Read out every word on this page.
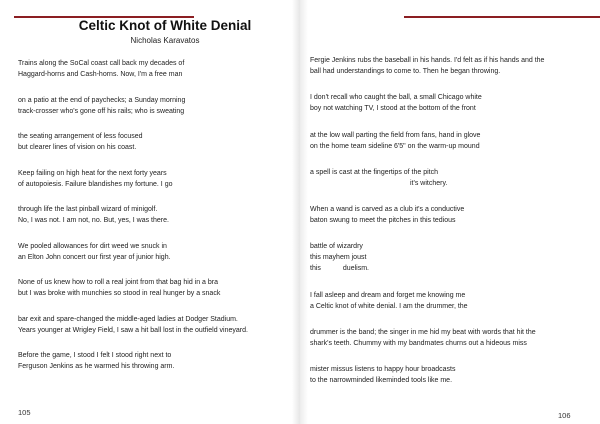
Celtic Knot of White Denial
Nicholas Karavatos
Trains along the SoCal coast call back my decades of
Haggard-horns and Cash-horns. Now, I'm a free man
on a patio at the end of paychecks; a Sunday morning
track-crosser who's gone off his rails; who is sweating
the seating arrangement of less focused
but clearer lines of vision on his coast.
Keep failing on high heat for the next forty years
of autopoiesis. Failure blandishes my fortune. I go
through life the last pinball wizard of minigolf.
No, I was not. I am not, no. But, yes, I was there.
We pooled allowances for dirt weed we snuck in
an Elton John concert our first year of junior high.
None of us knew how to roll a real joint from that bag hid in a bra
but I was broke with munchies so stood in real hunger by a snack
bar exit and spare-changed the middle-aged ladies at Dodger Stadium.
Years younger at Wrigley Field, I saw a hit ball lost in the outfield vineyard.
Before the game, I stood I felt I stood right next to
Ferguson Jenkins as he warmed his throwing arm.
105
Fergie Jenkins rubs the baseball in his hands. I'd felt as if his hands and the
ball had understandings to come to. Then he began throwing.
I don't recall who caught the ball, a small Chicago white
boy not watching TV, I stood at the bottom of the front
at the low wall parting the field from fans, hand in glove
on the home team sideline 6'5" on the warm-up mound
a spell is cast at the fingertips of the pitch
it's witchery.
When a wand is carved as a club it's a conductive
baton swung to meet the pitches in this tedious
battle of wizardry
this mayhem joust
this	duelism.
I fall asleep and dream and forget me knowing me
a Celtic knot of white denial. I am the drummer, the
drummer is the band; the singer in me hid my beat with words that hit the
shark's teeth. Chummy with my bandmates churns out a hideous miss
mister missus listens to happy hour broadcasts
to the narrowminded likeminded tools like me.
106
